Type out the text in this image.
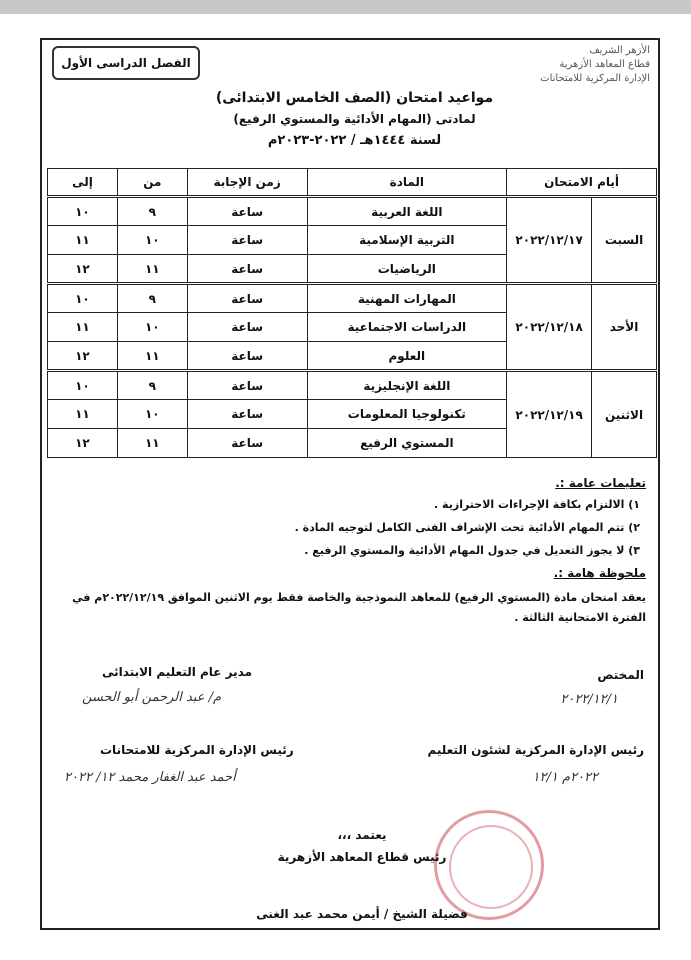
الأزهر الشريف
قطاع المعاهد الأزهرية
الإدارة المركزية للامتحانات
الفصل الدراسى الأول
مواعيد امتحان (الصف الخامس الابتدائى)
لمادتى (المهام الأدائية والمستوي الرفيع)
لسنة ١٤٤٤هـ / ٢٠٢٢-٢٠٢٣م
أيام الامتحان		المادة	زمن الإجابة	من	إلى
السبت	٢٠٢٢/١٢/١٧	اللغة العربية	ساعة	٩	١٠
		التربية الإسلامية	ساعة	١٠	١١
		الرياضيات	ساعة	١١	١٢
الأحد	٢٠٢٢/١٢/١٨	المهارات المهنية	ساعة	٩	١٠
		الدراسات الاجتماعية	ساعة	١٠	١١
		العلوم	ساعة	١١	١٢
الاثنين	٢٠٢٢/١٢/١٩	اللغة الإنجليزية	ساعة	٩	١٠
		تكنولوجيا المعلومات	ساعة	١٠	١١
		المستوي الرفيع	ساعة	١١	١٢
تعليمات عامة :.
١) الالتزام بكافة الإجراءات الاحترازية .
٢) تتم المهام الأدائية تحت الإشراف الفنى الكامل لتوجيه المادة .
٣) لا يجوز التعديل في جدول المهام الأدائية والمستوي الرفيع .
ملحوظة هامة :.
يعقد امتحان مادة (المستوي الرفيع) للمعاهد النموذجية والخاصة فقط يوم الاثنين الموافق ٢٠٢٢/١٢/١٩م في الفترة الامتحانية الثالثة .
المختص
٢٠٢٢/١٢/١
مدير عام التعليم الابتدائى
م/ عبد الرحمن أبو الحسن
رئيس الإدارة المركزية لشئون التعليم
٢٠٢٢م ١٢/١
رئيس الإدارة المركزية للامتحانات
أحمد عبد الغفار محمد ١٢/ ٢٠٢٢
يعتمد ،،،
رئيس قطاع المعاهد الأزهرية
فضيلة الشيخ / أيمن محمد عبد الغنى
